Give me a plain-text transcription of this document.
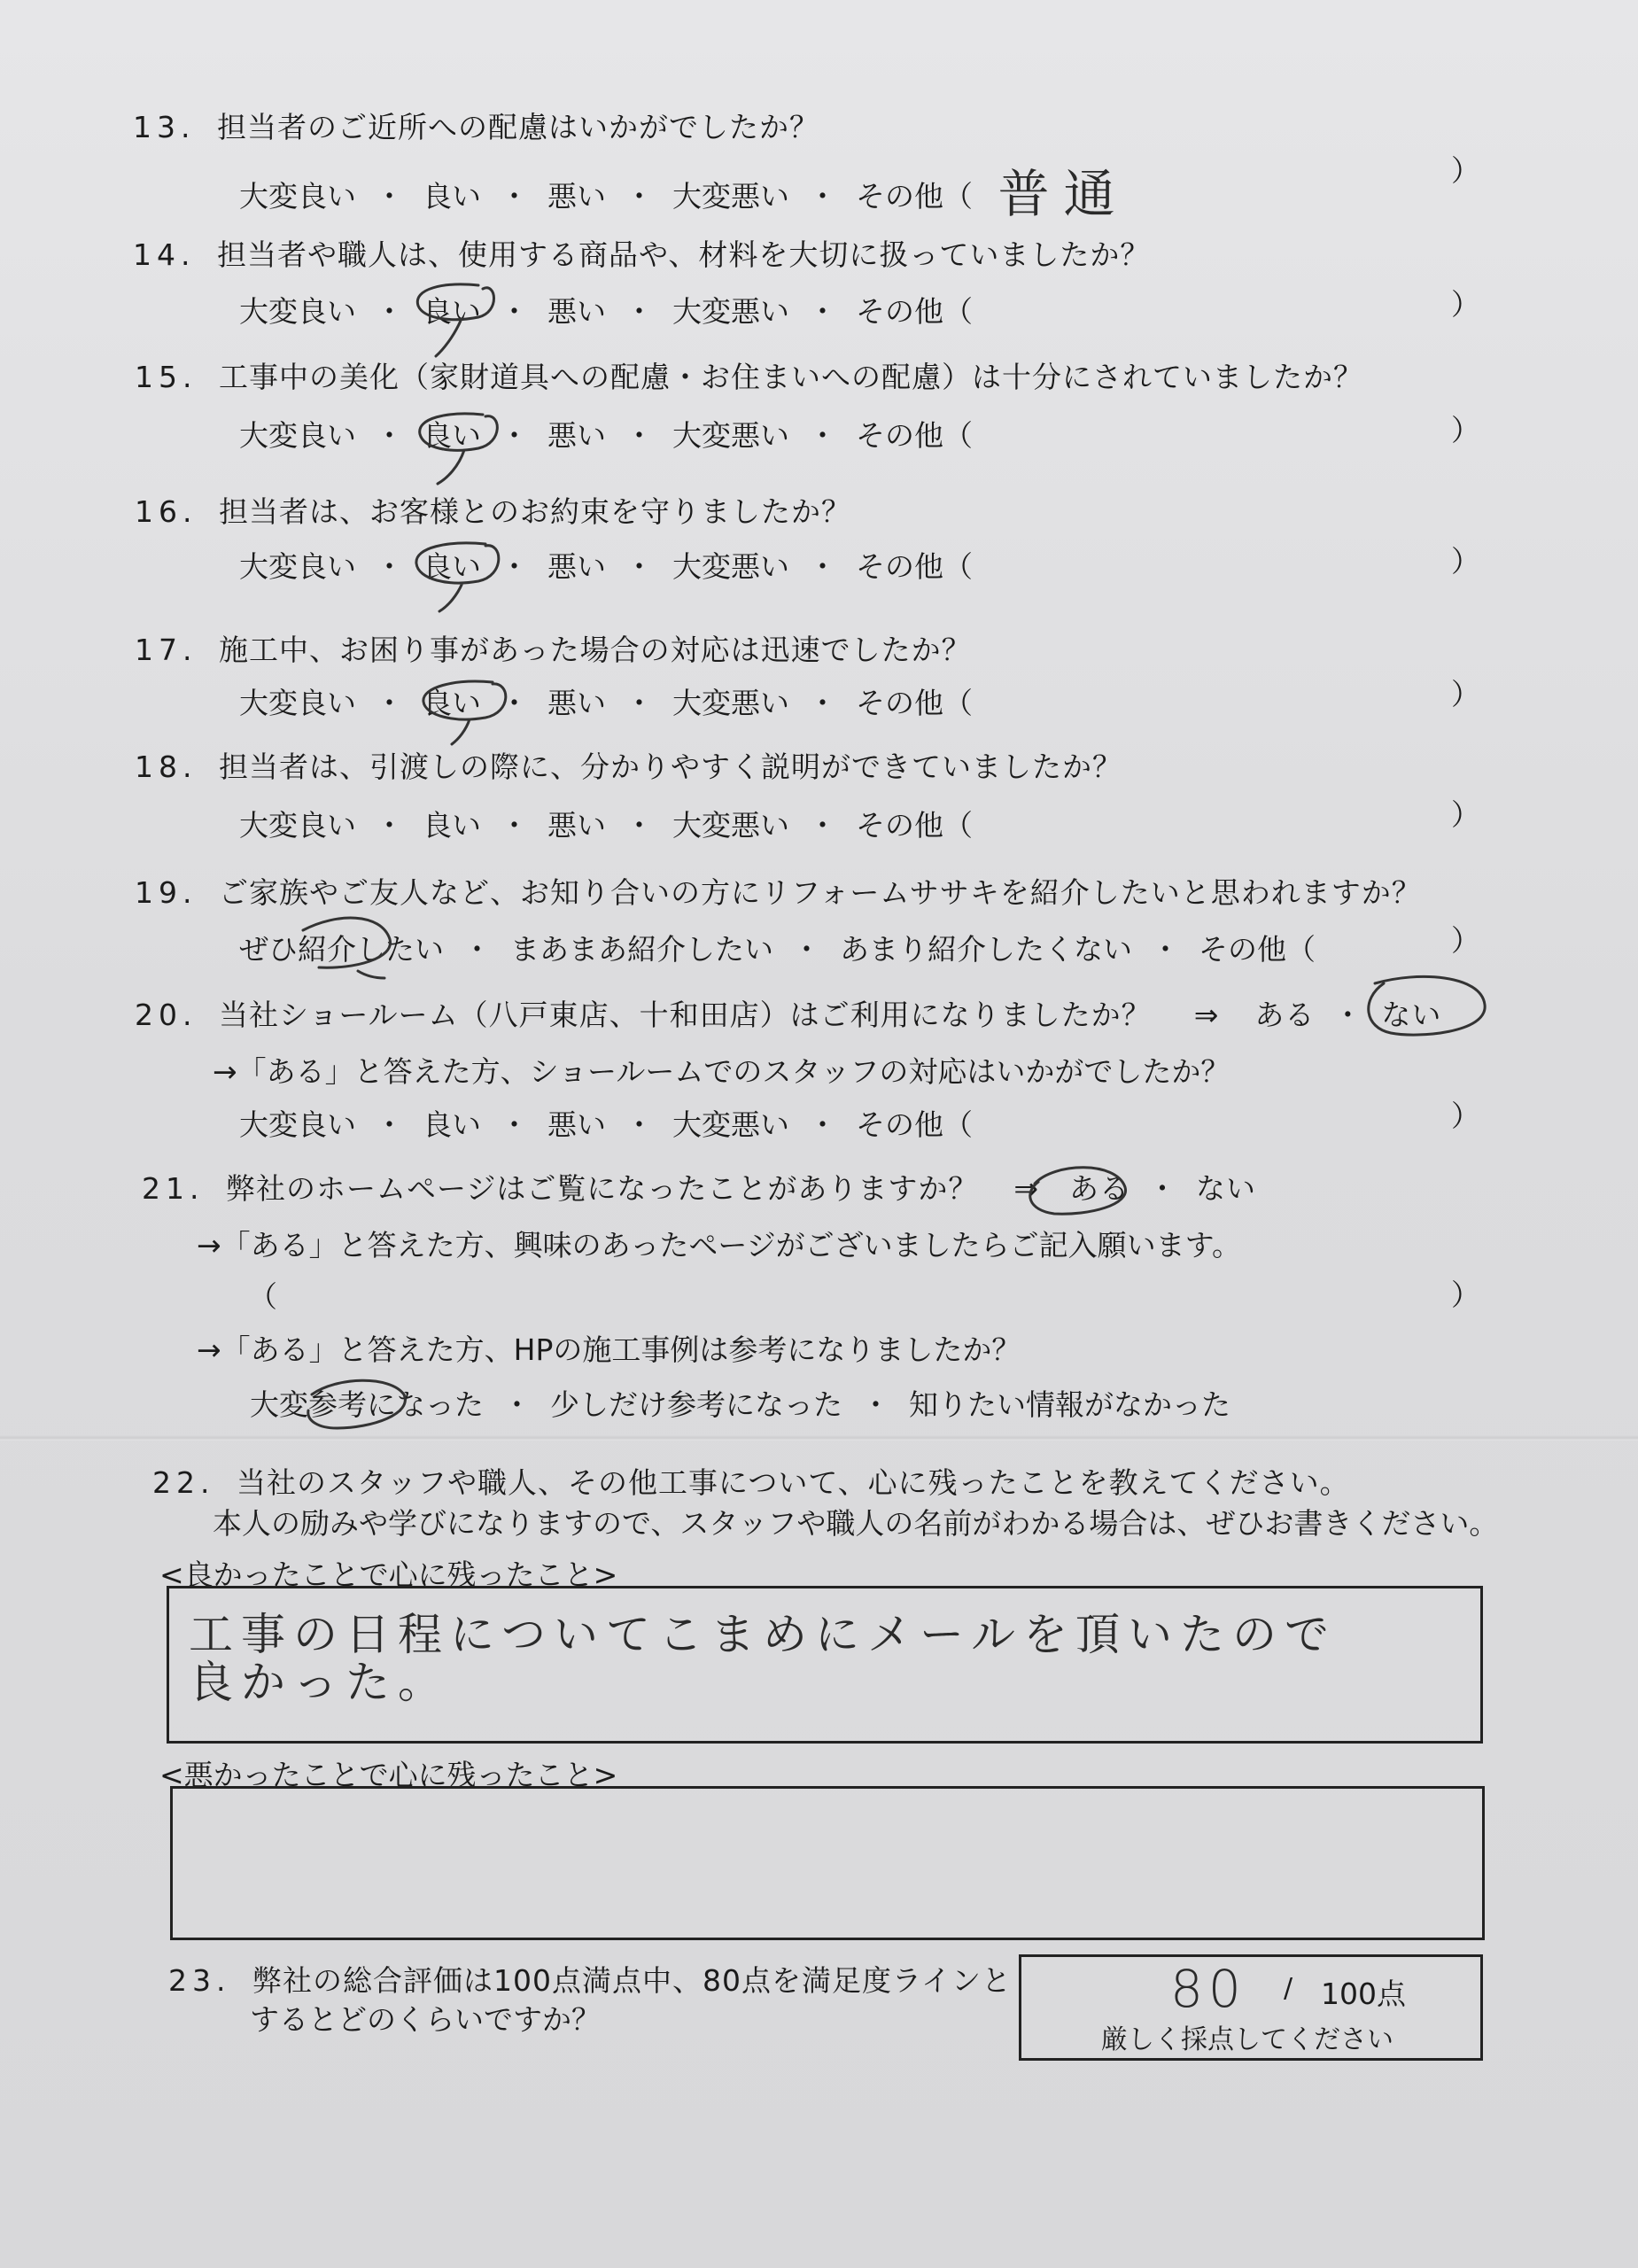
13. 担当者のご近所への配慮はいかがでしたか？
大変良い ・ 良い ・ 悪い ・ 大変悪い ・ その他（ 普通	）
14. 担当者や職人は、使用する商品や、材料を大切に扱っていましたか？
大変良い ・ 良い ・ 悪い ・ 大変悪い ・ その他（	）
15. 工事中の美化（家財道具への配慮・お住まいへの配慮）は十分にされていましたか？
大変良い ・ 良い ・ 悪い ・ 大変悪い ・ その他（	）
16. 担当者は、お客様とのお約束を守りましたか？
大変良い ・ 良い ・ 悪い ・ 大変悪い ・ その他（	）
17. 施工中、お困り事があった場合の対応は迅速でしたか？
大変良い ・ 良い ・ 悪い ・ 大変悪い ・ その他（	）
18. 担当者は、引渡しの際に、分かりやすく説明ができていましたか？
大変良い ・ 良い ・ 悪い ・ 大変悪い ・ その他（	）
19. ご家族やご友人など、お知り合いの方にリフォームササキを紹介したいと思われますか？
ぜひ紹介したい ・ まあまあ紹介したい ・ あまり紹介したくない ・ その他（	）
20. 当社ショールーム（八戸東店、十和田店）はご利用になりましたか？ ⇒ ある ・ ない
→「ある」と答えた方、ショールームでのスタッフの対応はいかがでしたか？
大変良い ・ 良い ・ 悪い ・ 大変悪い ・ その他（	）
21. 弊社のホームページはご覧になったことがありますか？ ⇒ ある ・ ない
→「ある」と答えた方、興味のあったページがございましたらご記入願います。
（	）
→「ある」と答えた方、HPの施工事例は参考になりましたか？
大変参考になった ・ 少しだけ参考になった ・ 知りたい情報がなかった
22. 当社のスタッフや職人、その他工事について、心に残ったことを教えてください。
本人の励みや学びになりますので、スタッフや職人の名前がわかる場合は、ぜひお書きください。
<良かったことで心に残ったこと>
工事の日程についてこまめにメールを頂いたので
良かった。
<悪かったことで心に残ったこと>
23. 弊社の総合評価は100点満点中、80点を満足度ラインと
するとどのくらいですか？
80 / 100点
厳しく採点してください
